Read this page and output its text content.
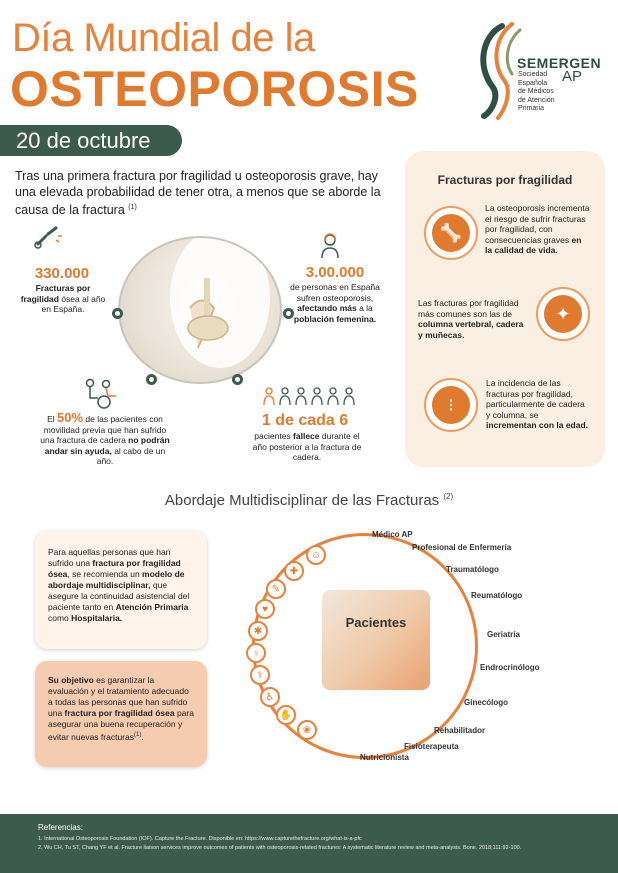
Día Mundial de la
OSTEOPOROSIS	SEMERGEN
Sociedad
Española
de Médicos
de Atención
Primaria
AP
20 de octubre
Tras una primera fractura por fragilidad u osteoporosis grave, hay una elevada probabilidad de tener otra, a menos que se aborde la causa de la fractura $^{(1)}$
330.000
Fracturas por fragilidad ósea al año en España.
3.00.000
de personas en España sufren osteoporosis, afectando más a la población femenina.
El 50% de las pacientes con movilidad previa que han sufrido una fractura de cadera no podrán andar sin ayuda, al cabo de un año.
1 de cada 6
pacientes fallece durante el año posterior a la fractura de cadera.
Fracturas por fragilidad
🦴
La osteoporosis incrementa el riesgo de sufrir fracturas por fragilidad, con consecuencias graves en la calidad de vida.
Las fracturas por fragilidad más comunes son las de columna vertebral, cadera y muñecas.
✦
⁝
La incidencia de las fracturas por fragilidad, particularmente de cadera y columna, se incrementan con la edad.
Abordaje Multidisciplinar de las Fracturas $^{(2)}$
Para aquellas personas que han sufrido una fractura por fragilidad ósea, se recomienda un modelo de abordaje multidisciplinar, que asegure la continuidad asistencial del paciente tanto en Atención Primaria como Hospitalaria.
Su objetivo es garantizar la evaluación y el tratamiento adecuado a todas las personas que han sufrido una fractura por fragilidad ósea para asegurar una buena recuperación y evitar nuevas fracturas$^{(1)}$.
Pacientes
☺
✚
✎
♥
✱
♀
⚕
♿
✋
❀
Médico AP
Profesional de Enfermería
Traumatólogo
Reumatólogo
Geriatría
Endrocrinólogo
Ginecólogo
Rehabilitador
Fisioterapeuta
Nutricionista
Referencias:
1. International Osteoporosis Foundation (IOF). Capture the Fracture. Disponible en: https://www.capturethefracture.org/what-is-a-pfc
2. Wu CH, Tu ST, Chang YF et al. Fracture liaison services improve outcomes of patients with osteoporosis-related fractures: A systematic literature review and meta-analysis. Bone. 2018;111:92-100.
